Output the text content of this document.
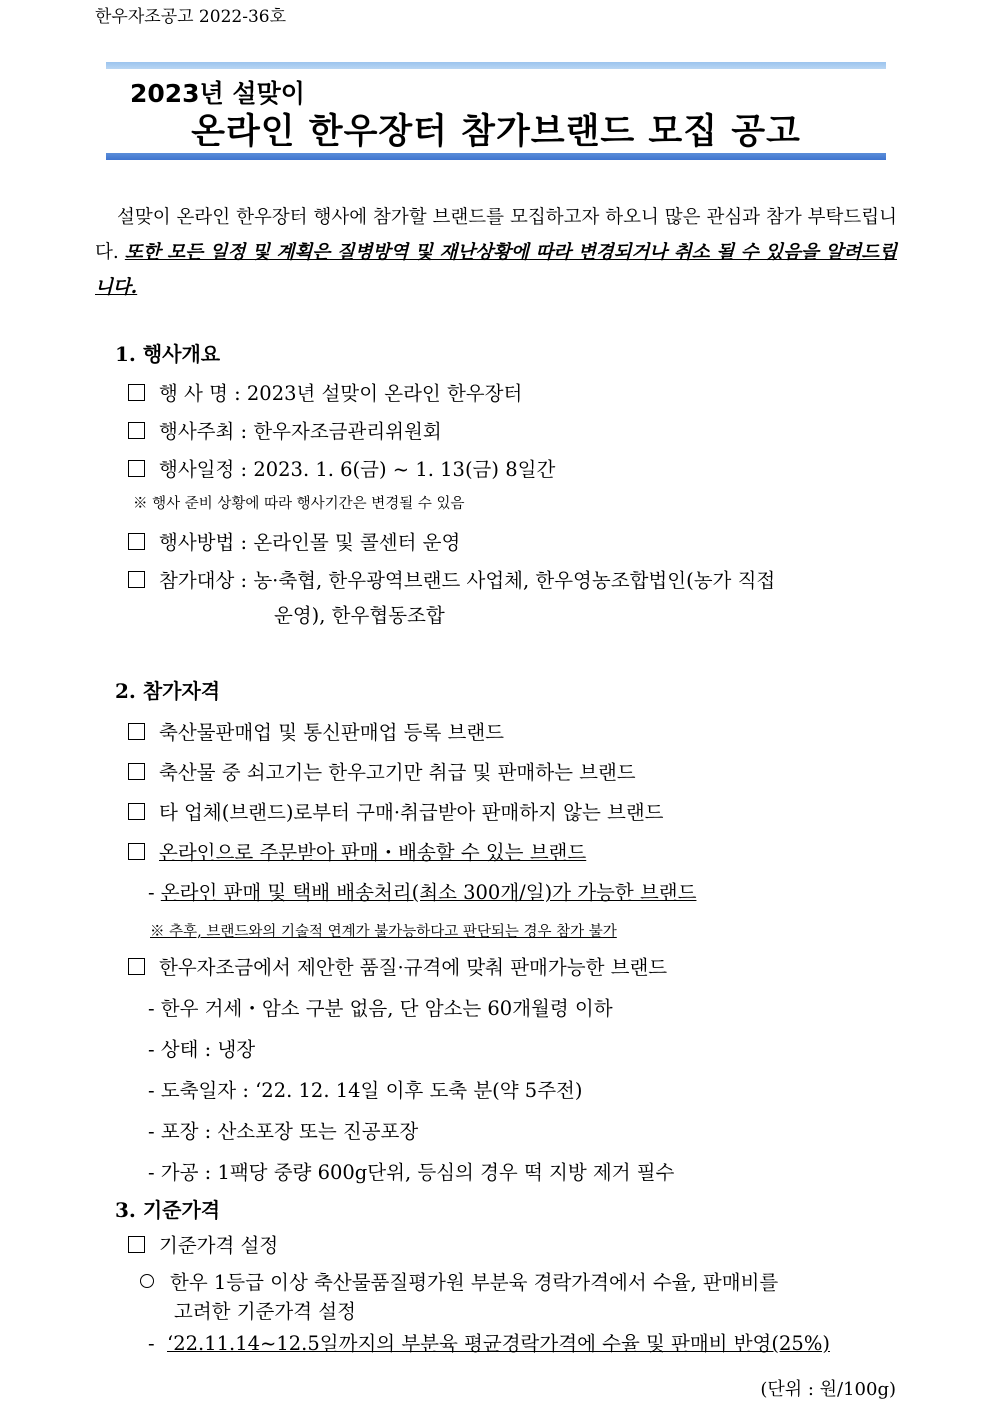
한우자조공고 2022-36호
2023년 설맞이
온라인 한우장터 참가브랜드 모집 공고
설맞이 온라인 한우장터 행사에 참가할 브랜드를 모집하고자 하오니 많은 관심과 참가 부탁드립니다. 또한 모든 일정 및 계획은 질병방역 및 재난상황에 따라 변경되거나 취소 될 수 있음을 알려드립니다.
1. 행사개요
행 사 명 : 2023년 설맞이 온라인 한우장터
행사주최 : 한우자조금관리위원회
행사일정 : 2023. 1. 6(금) ~ 1. 13(금) 8일간
※ 행사 준비 상황에 따라 행사기간은 변경될 수 있음
행사방법 : 온라인몰 및 콜센터 운영
참가대상 : 농·축협, 한우광역브랜드 사업체, 한우영농조합법인(농가 직접
운영), 한우협동조합
2. 참가자격
축산물판매업 및 통신판매업 등록 브랜드
축산물 중 쇠고기는 한우고기만 취급 및 판매하는 브랜드
타 업체(브랜드)로부터 구매·취급받아 판매하지 않는 브랜드
온라인으로 주문받아 판매・배송할 수 있는 브랜드
- 온라인 판매 및 택배 배송처리(최소 300개/일)가 가능한 브랜드
※ 추후, 브랜드와의 기술적 연계가 불가능하다고 판단되는 경우 참가 불가
한우자조금에서 제안한 품질·규격에 맞춰 판매가능한 브랜드
- 한우 거세・암소 구분 없음, 단 암소는 60개월령 이하
- 상태 : 냉장
- 도축일자 : ‘22. 12. 14일 이후 도축 분(약 5주전)
- 포장 : 산소포장 또는 진공포장
- 가공 : 1팩당 중량 600g단위, 등심의 경우 떡 지방 제거 필수
3. 기준가격
기준가격 설정
한우 1등급 이상 축산물품질평가원 부분육 경락가격에서 수율, 판매비를
고려한 기준가격 설정
- ‘22.11.14~12.5일까지의 부분육 평균경락가격에 수율 및 판매비 반영(25%)
(단위 : 원/100g)
